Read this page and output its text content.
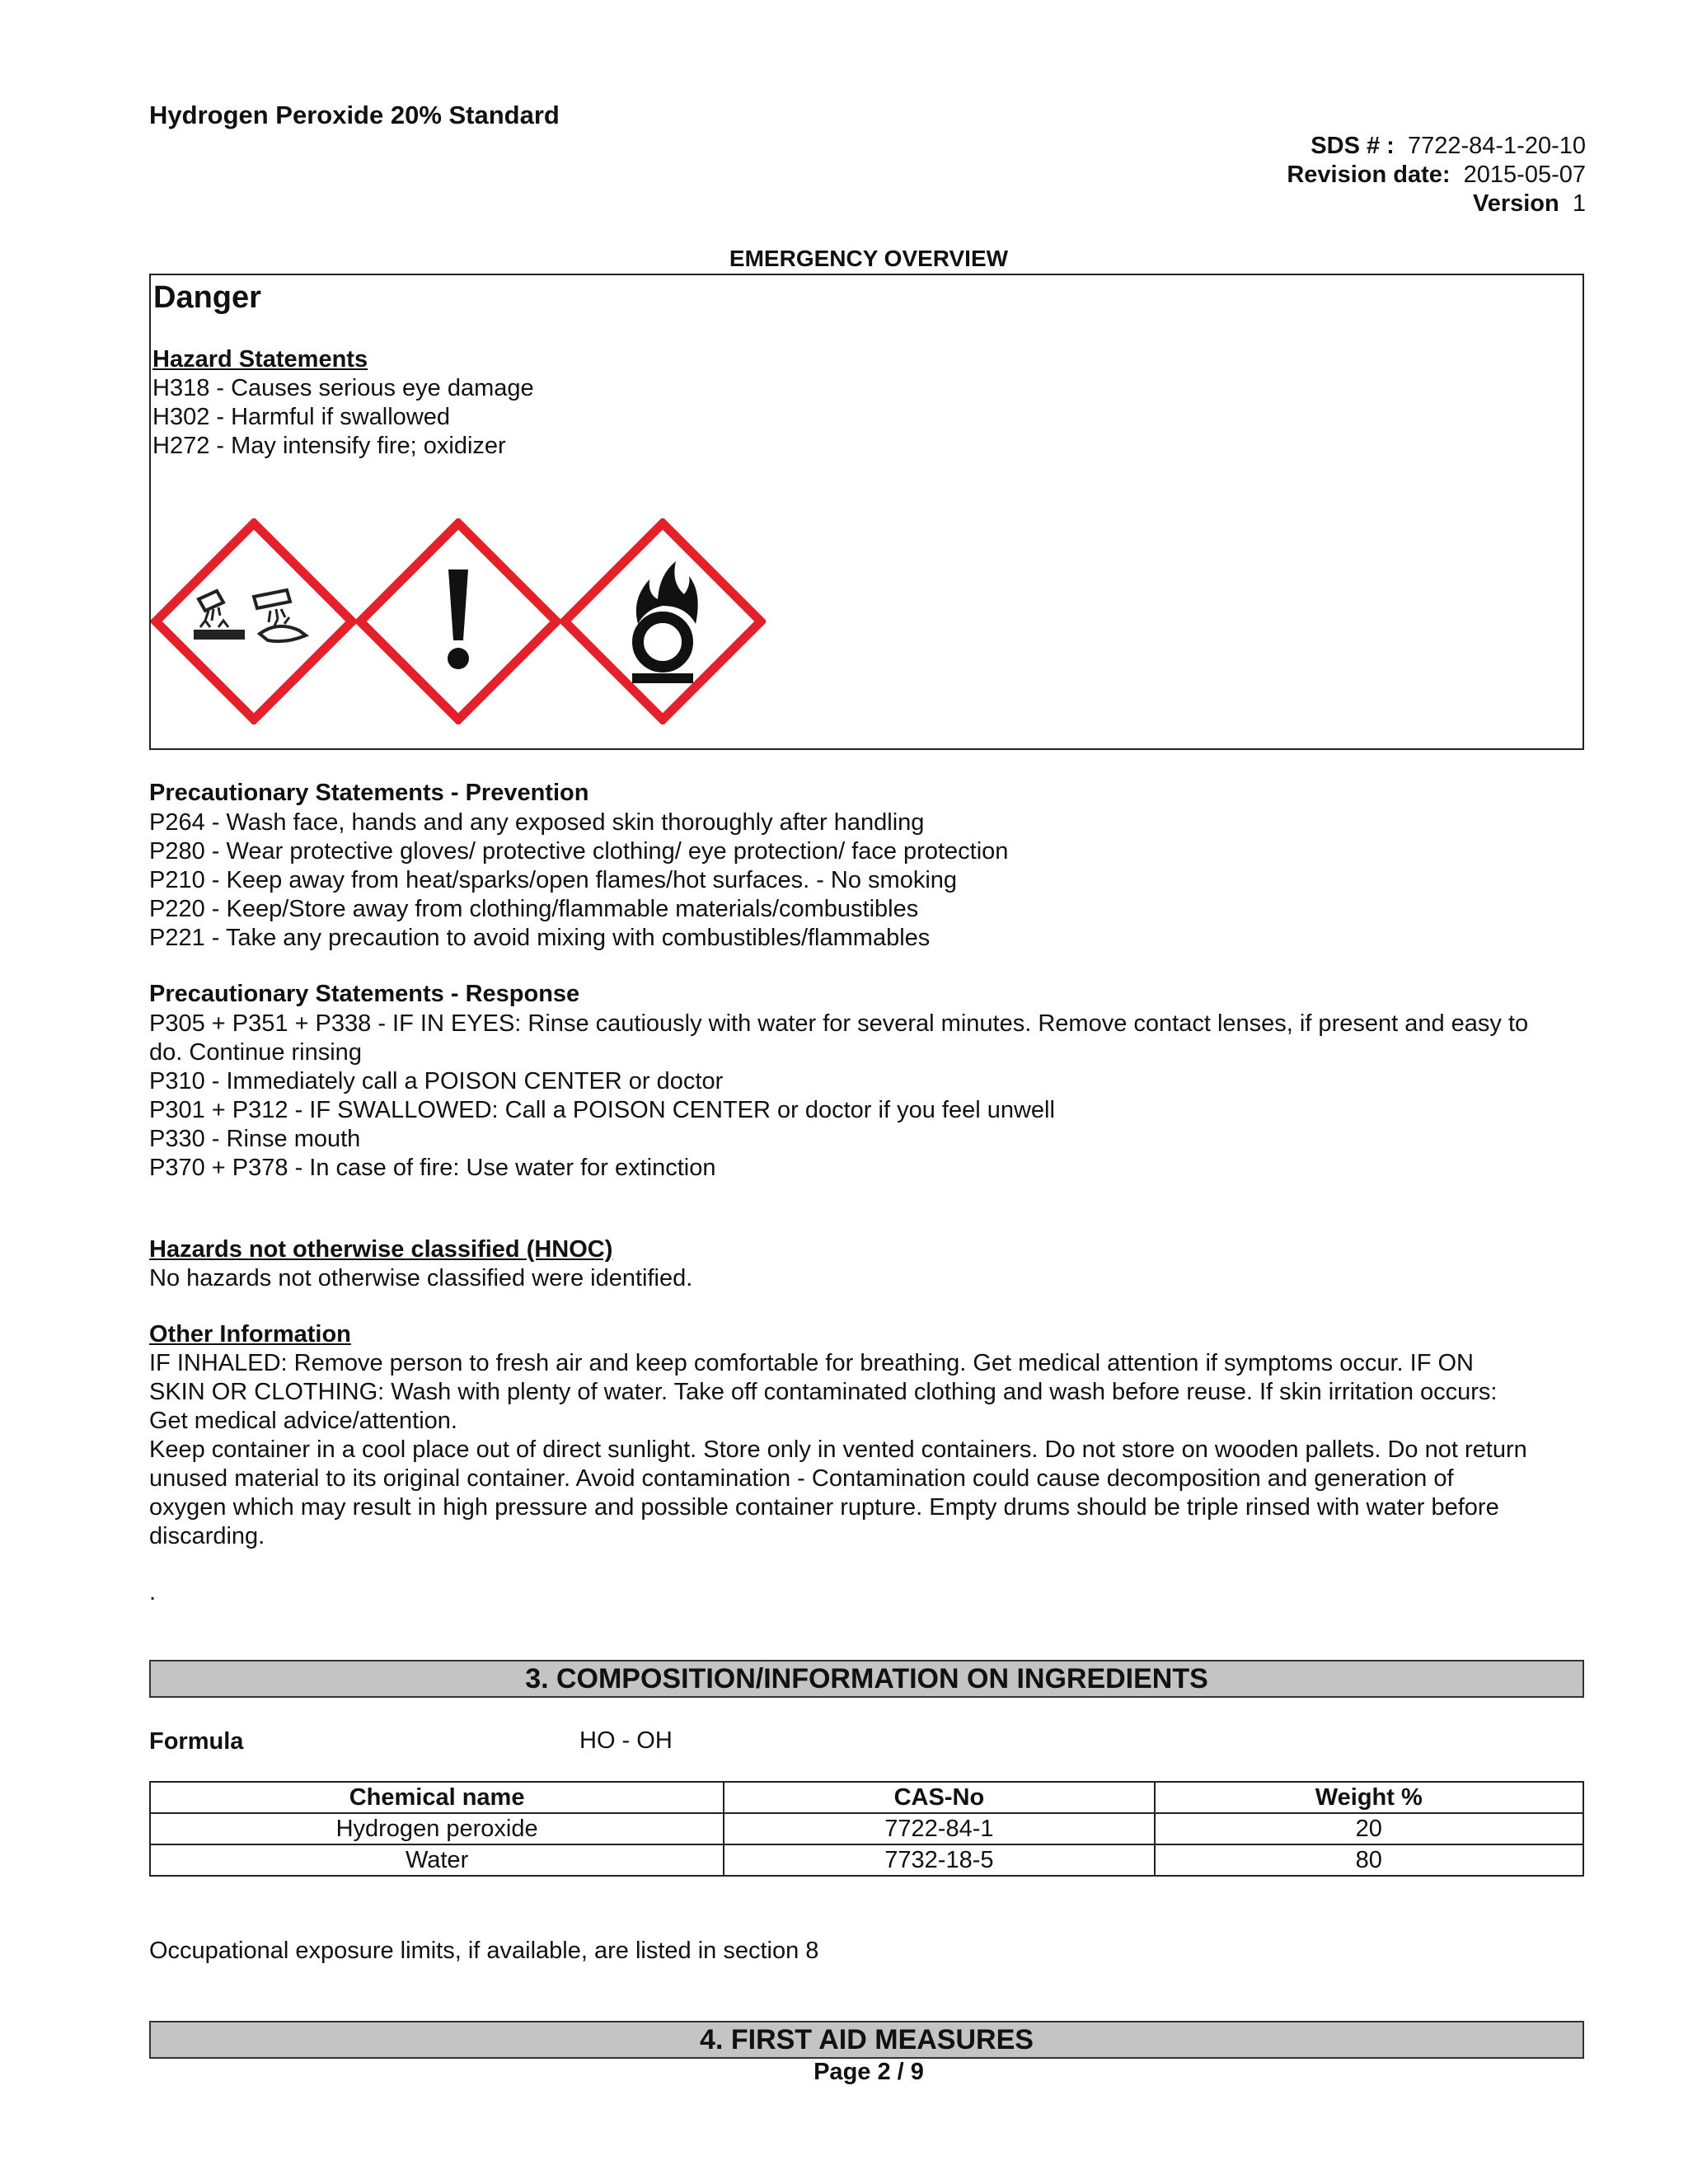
Hydrogen Peroxide 20% Standard
SDS # : 7722-84-1-20-10
Revision date: 2015-05-07
Version 1
EMERGENCY OVERVIEW
Danger
Hazard Statements
H318 - Causes serious eye damage
H302 - Harmful if swallowed
H272 - May intensify fire; oxidizer
Precautionary Statements - Prevention
P264 - Wash face, hands and any exposed skin thoroughly after handling
P280 - Wear protective gloves/ protective clothing/ eye protection/ face protection
P210 - Keep away from heat/sparks/open flames/hot surfaces. - No smoking
P220 - Keep/Store away from clothing/flammable materials/combustibles
P221 - Take any precaution to avoid mixing with combustibles/flammables
Precautionary Statements - Response
P305 + P351 + P338 - IF IN EYES: Rinse cautiously with water for several minutes. Remove contact lenses, if present and easy to
do. Continue rinsing
P310 - Immediately call a POISON CENTER or doctor
P301 + P312 - IF SWALLOWED: Call a POISON CENTER or doctor if you feel unwell
P330 - Rinse mouth
P370 + P378 - In case of fire: Use water for extinction
Hazards not otherwise classified (HNOC)
No hazards not otherwise classified were identified.
Other Information
IF INHALED: Remove person to fresh air and keep comfortable for breathing. Get medical attention if symptoms occur. IF ON
SKIN OR CLOTHING: Wash with plenty of water. Take off contaminated clothing and wash before reuse. If skin irritation occurs:
Get medical advice/attention.
Keep container in a cool place out of direct sunlight. Store only in vented containers. Do not store on wooden pallets. Do not return
unused material to its original container. Avoid contamination - Contamination could cause decomposition and generation of
oxygen which may result in high pressure and possible container rupture. Empty drums should be triple rinsed with water before
discarding.
.
3. COMPOSITION/INFORMATION ON INGREDIENTS
Formula	HO - OH
Chemical name	CAS-No	Weight %
Hydrogen peroxide	7722-84-1	20
Water	7732-18-5	80
Occupational exposure limits, if available, are listed in section 8
4. FIRST AID MEASURES
Page 2 / 9
